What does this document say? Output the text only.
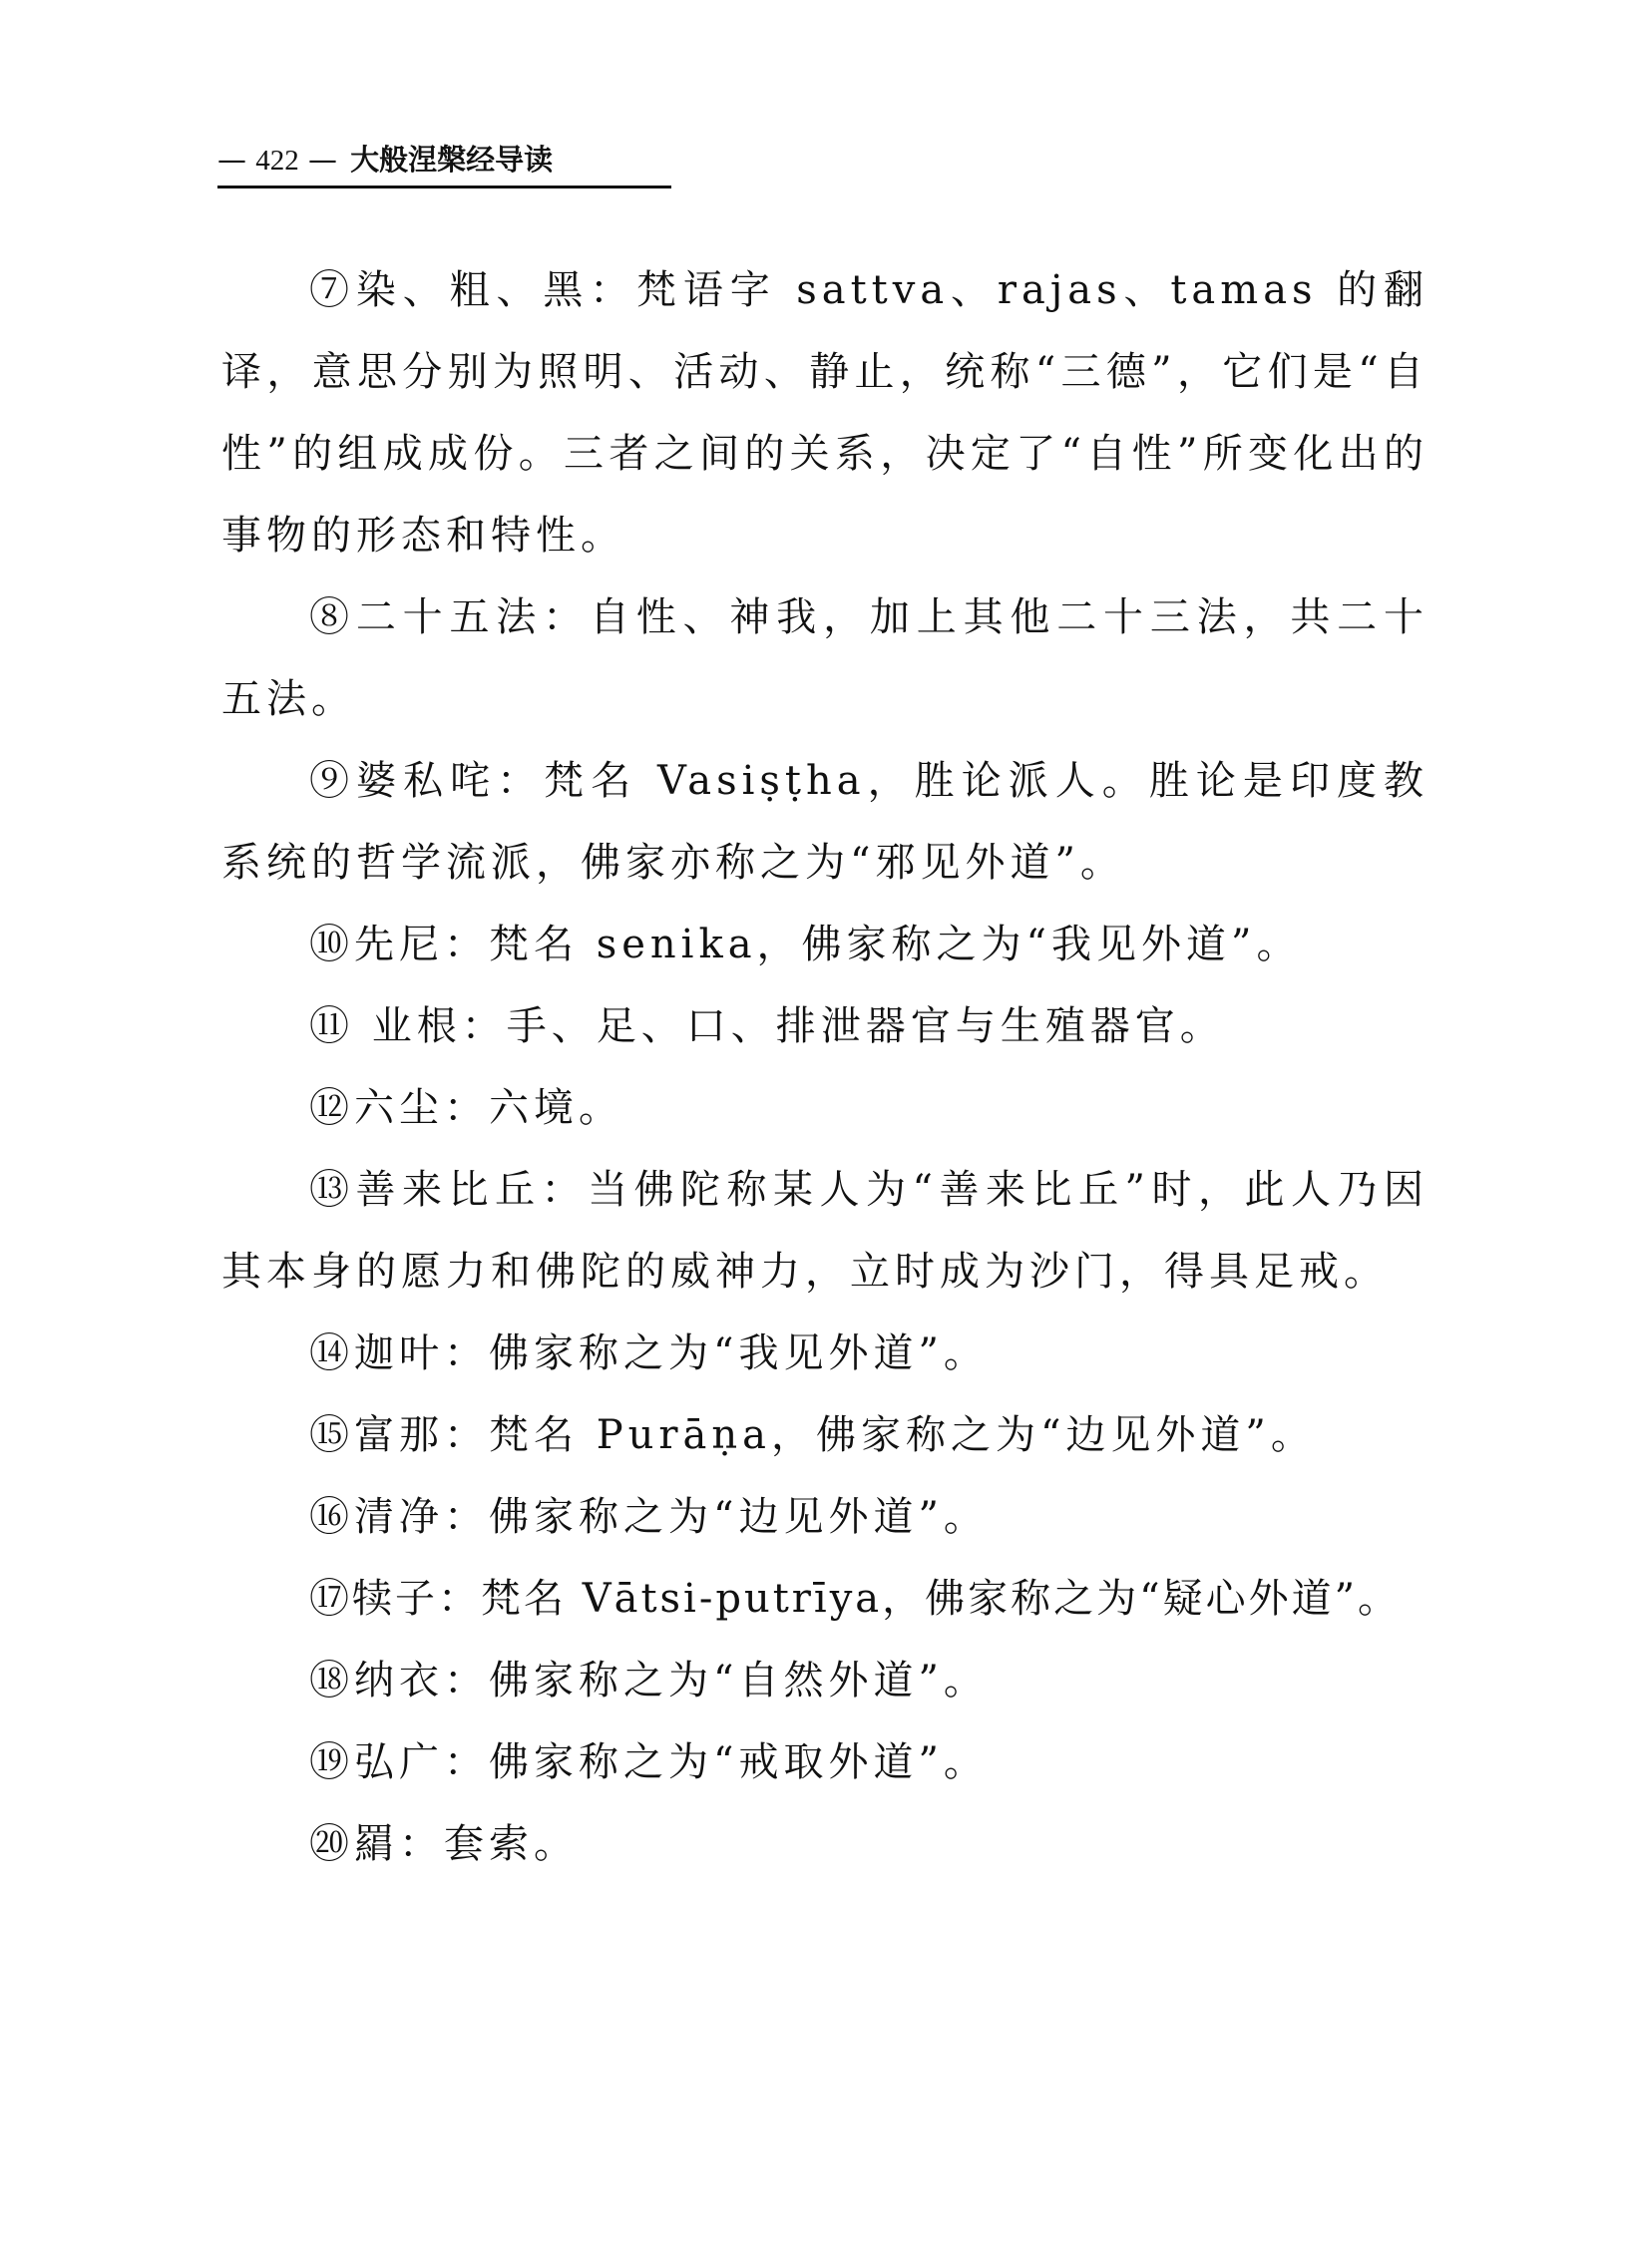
— 422 — 大般涅槃经导读

⑦染、粗、黑：梵语字 sattva、rajas、tamas 的翻译，意思分别为照明、活动、静止，统称“三德”，它们是“自性”的组成成份。三者之间的关系，决定了“自性”所变化出的事物的形态和特性。

⑧二十五法：自性、神我，加上其他二十三法，共二十五法。

⑨婆私咤：梵名 Vasiṣṭha，胜论派人。胜论是印度教系统的哲学流派，佛家亦称之为“邪见外道”。

⑩先尼：梵名 senika，佛家称之为“我见外道”。

⑪ 业根：手、足、口、排泄器官与生殖器官。

⑫六尘：六境。

⑬善来比丘：当佛陀称某人为“善来比丘”时，此人乃因其本身的愿力和佛陀的威神力，立时成为沙门，得具足戒。

⑭迦叶：佛家称之为“我见外道”。

⑮富那：梵名 Purāṇa，佛家称之为“边见外道”。

⑯清净：佛家称之为“边见外道”。

⑰犊子：梵名 Vātsi-putrīya，佛家称之为“疑心外道”。

⑱纳衣：佛家称之为“自然外道”。

⑲弘广：佛家称之为“戒取外道”。

⑳羂：套索。
